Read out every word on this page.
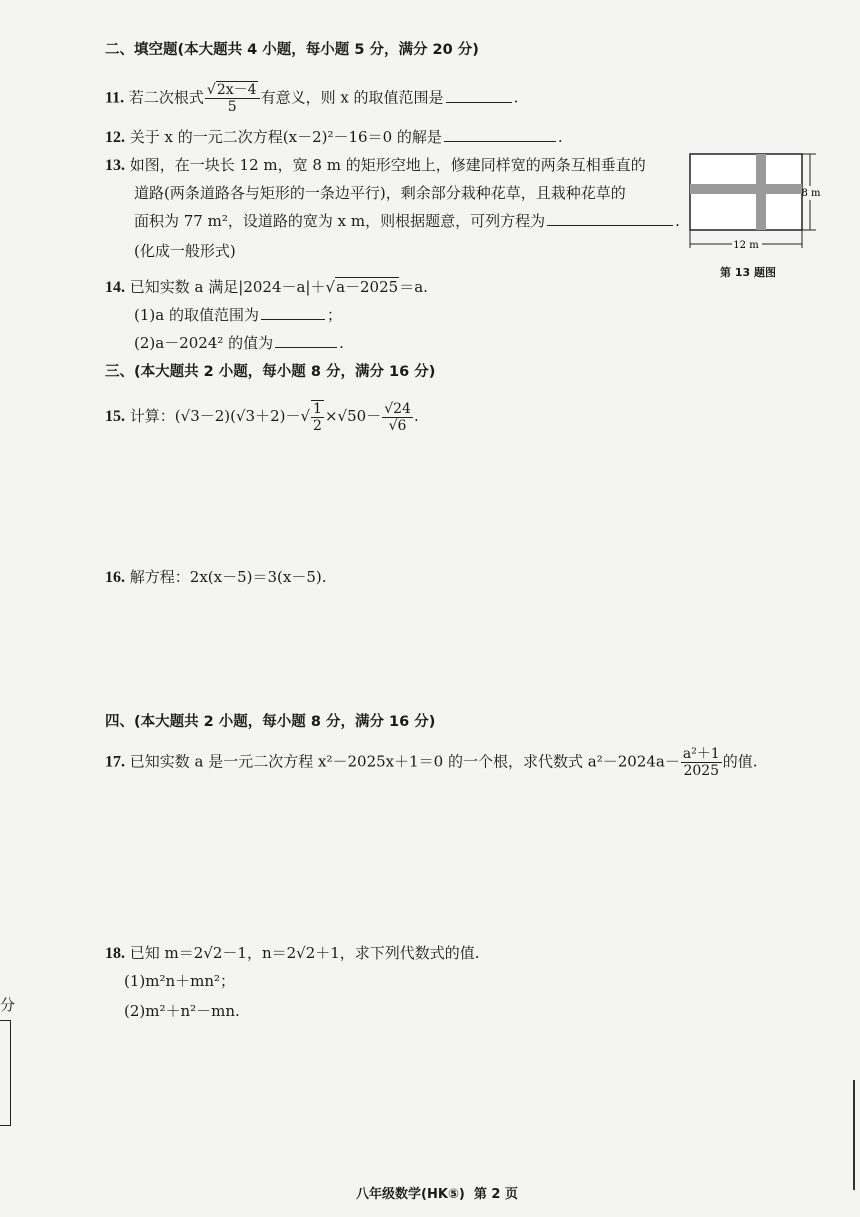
二、填空题(本大题共 4 小题，每小题 5 分，满分 20 分)
11. 若二次根式 $\frac{√2x-4}{5}$ 有意义，则 x 的取值范围是	.
12. 关于 x 的一元二次方程(x－2)²－16＝0 的解是	.
13. 如图，在一块长 12 m，宽 8 m 的矩形空地上，修建同样宽的两条互相垂直的
道路(两条道路各与矩形的一条边平行)，剩余部分栽种花草，且栽种花草的
面积为 77 m²，设道路的宽为 x m，则根据题意，可列方程为	.
(化成一般形式)	12 m
8 m
第 13 题图
14. 已知实数 a 满足|2024－a|＋√a－2025＝a.
(1)a 的取值范围为	；
(2)a－2024² 的值为	.
三、(本大题共 2 小题，每小题 8 分，满分 16 分)
15. 计算：$(√3-2)(√3+2)-√ \frac{1}{2} \times√50- \frac{√24}{√6}$ .
16. 解方程：2x(x－5)＝3(x－5).
四、(本大题共 2 小题，每小题 8 分，满分 16 分)
17. 已知实数 a 是一元二次方程 x²－2025x＋1＝0 的一个根，求代数式 $a^2-2024a- \frac{\text{a²＋1}}{2025}$ 的值.
18. 已知 m＝2√2－1，n＝2√2＋1，求下列代数式的值.
(1)m²n＋mn²；
(2)m²＋n²－mn.
分
八年级数学(HK⑤) 第 2 页
